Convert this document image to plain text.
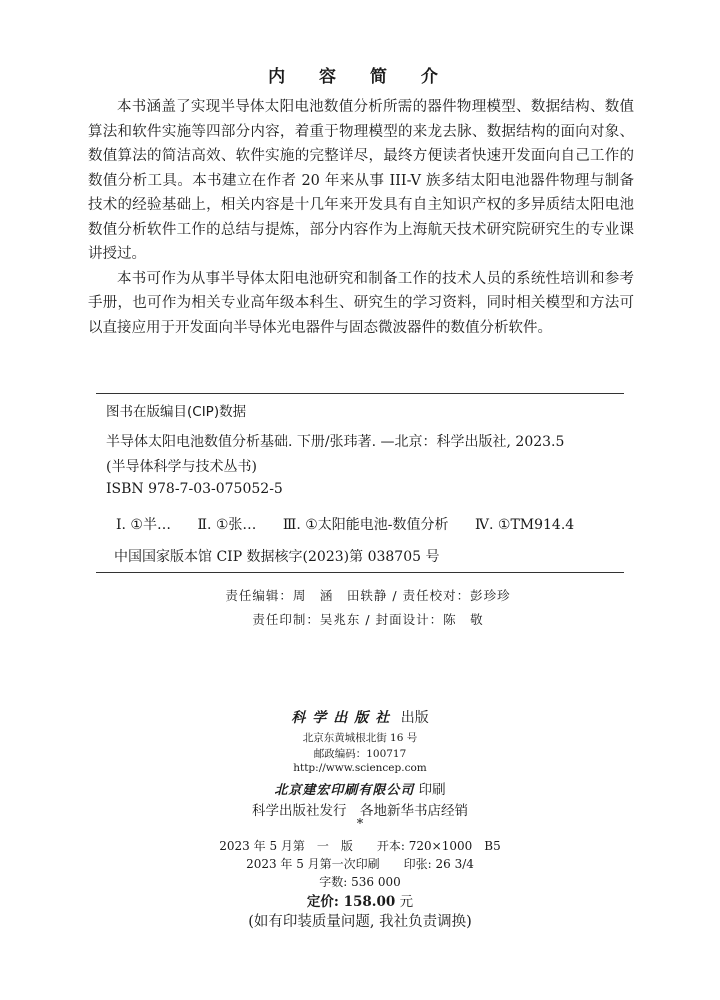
内 容 简 介

本书涵盖了实现半导体太阳电池数值分析所需的器件物理模型、数据结构、数值算法和软件实施等四部分内容，着重于物理模型的来龙去脉、数据结构的面向对象、数值算法的简洁高效、软件实施的完整详尽，最终方便读者快速开发面向自己工作的数值分析工具。本书建立在作者 20 年来从事 III-V 族多结太阳电池器件物理与制备技术的经验基础上，相关内容是十几年来开发具有自主知识产权的多异质结太阳电池数值分析软件工作的总结与提炼，部分内容作为上海航天技术研究院研究生的专业课讲授过。

本书可作为从事半导体太阳电池研究和制备工作的技术人员的系统性培训和参考手册，也可作为相关专业高年级本科生、研究生的学习资料，同时相关模型和方法可以直接应用于开发面向半导体光电器件与固态微波器件的数值分析软件。

图书在版编目(CIP)数据
半导体太阳电池数值分析基础. 下册/张玮著. —北京：科学出版社, 2023.5
(半导体科学与技术丛书)
ISBN 978-7-03-075052-5
Ⅰ. ①半… Ⅱ. ①张… Ⅲ. ①太阳能电池-数值分析 Ⅳ. ①TM914.4
中国国家版本馆 CIP 数据核字(2023)第 038705 号
责任编辑：周　涵　田轶静 / 责任校对：彭珍珍
责任印制：吴兆东 / 封面设计：陈　敬
科学出版社 出版
北京东黄城根北街 16 号
邮政编码：100717
http://www.sciencep.com
北京建宏印刷有限公司 印刷
科学出版社发行　各地新华书店经销
*
2023 年 5 月第　一　版　　开本: 720×1000　B5
2023 年 5 月第一次印刷　　印张: 26 3/4
字数: 536 000
定价: 158.00 元
(如有印装质量问题, 我社负责调换)
